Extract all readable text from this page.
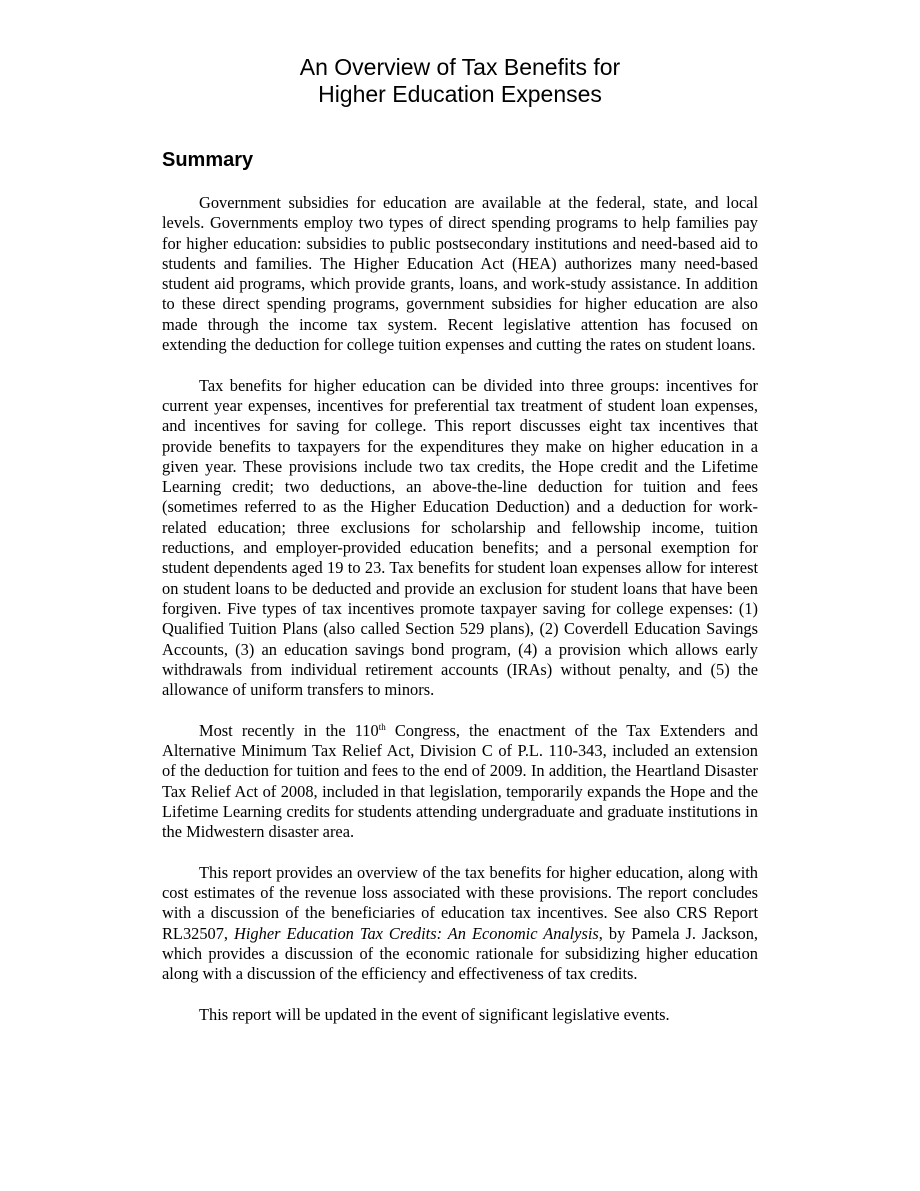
An Overview of Tax Benefits for
Higher Education Expenses
Summary

Government subsidies for education are available at the federal, state, and local levels. Governments employ two types of direct spending programs to help families pay for higher education: subsidies to public postsecondary institutions and need-based aid to students and families. The Higher Education Act (HEA) authorizes many need-based student aid programs, which provide grants, loans, and work-study assistance. In addition to these direct spending programs, government subsidies for higher education are also made through the income tax system. Recent legislative attention has focused on extending the deduction for college tuition expenses and cutting the rates on student loans.

Tax benefits for higher education can be divided into three groups: incentives for current year expenses, incentives for preferential tax treatment of student loan expenses, and incentives for saving for college. This report discusses eight tax incentives that provide benefits to taxpayers for the expenditures they make on higher education in a given year. These provisions include two tax credits, the Hope credit and the Lifetime Learning credit; two deductions, an above-the-line deduction for tuition and fees (sometimes referred to as the Higher Education Deduction) and a deduction for work-related education; three exclusions for scholarship and fellowship income, tuition reductions, and employer-provided education benefits; and a personal exemption for student dependents aged 19 to 23. Tax benefits for student loan expenses allow for interest on student loans to be deducted and provide an exclusion for student loans that have been forgiven. Five types of tax incentives promote taxpayer saving for college expenses: (1) Qualified Tuition Plans (also called Section 529 plans), (2) Coverdell Education Savings Accounts, (3) an education savings bond program, (4) a provision which allows early withdrawals from individual retirement accounts (IRAs) without penalty, and (5) the allowance of uniform transfers to minors.

Most recently in the 110th Congress, the enactment of the Tax Extenders and Alternative Minimum Tax Relief Act, Division C of P.L. 110-343, included an extension of the deduction for tuition and fees to the end of 2009. In addition, the Heartland Disaster Tax Relief Act of 2008, included in that legislation, temporarily expands the Hope and the Lifetime Learning credits for students attending undergraduate and graduate institutions in the Midwestern disaster area.

This report provides an overview of the tax benefits for higher education, along with cost estimates of the revenue loss associated with these provisions. The report concludes with a discussion of the beneficiaries of education tax incentives. See also CRS Report RL32507, Higher Education Tax Credits: An Economic Analysis, by Pamela J. Jackson, which provides a discussion of the economic rationale for subsidizing higher education along with a discussion of the efficiency and effectiveness of tax credits.

This report will be updated in the event of significant legislative events.
